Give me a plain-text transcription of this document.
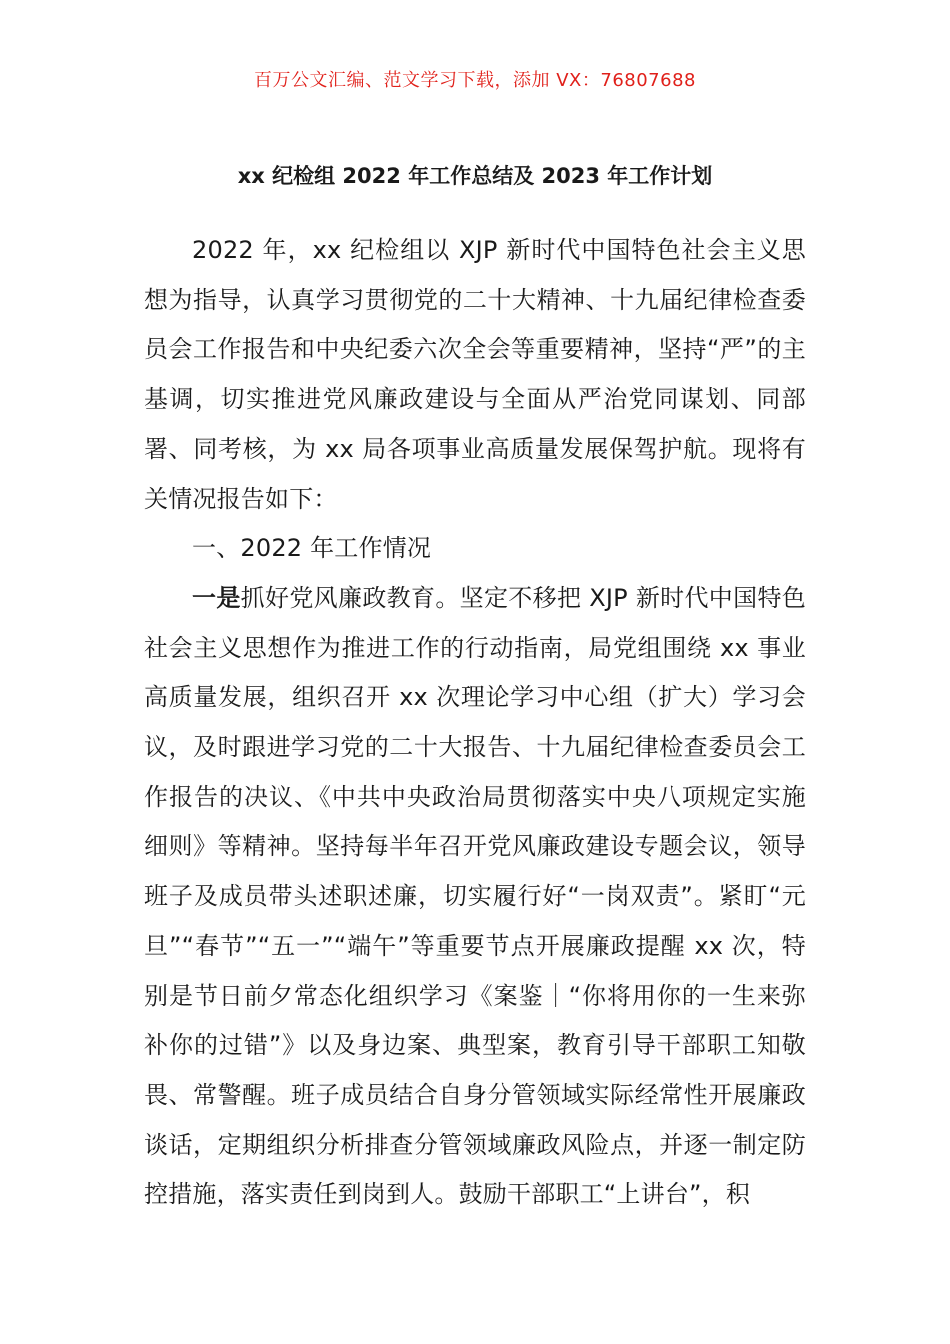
百万公文汇编、范文学习下载，添加 VX：76807688
xx 纪检组 2022 年工作总结及 2023 年工作计划

2022 年，xx 纪检组以 XJP 新时代中国特色社会主义思想为指导，认真学习贯彻党的二十大精神、十九届纪律检查委员会工作报告和中央纪委六次全会等重要精神，坚持“严”的主基调，切实推进党风廉政建设与全面从严治党同谋划、同部署、同考核，为 xx 局各项事业高质量发展保驾护航。现将有关情况报告如下：

一、2022 年工作情况

一是抓好党风廉政教育。坚定不移把 XJP 新时代中国特色社会主义思想作为推进工作的行动指南，局党组围绕 xx 事业高质量发展，组织召开 xx 次理论学习中心组（扩大）学习会议，及时跟进学习党的二十大报告、十九届纪律检查委员会工作报告的决议、《中共中央政治局贯彻落实中央八项规定实施细则》等精神。坚持每半年召开党风廉政建设专题会议，领导班子及成员带头述职述廉，切实履行好“一岗双责”。紧盯“元旦”“春节”“五一”“端午”等重要节点开展廉政提醒 xx 次，特别是节日前夕常态化组织学习《案鉴｜“你将用你的一生来弥补你的过错”》以及身边案、典型案，教育引导干部职工知敬畏、常警醒。班子成员结合自身分管领域实际经常性开展廉政谈话，定期组织分析排查分管领域廉政风险点，并逐一制定防控措施，落实责任到岗到人。鼓励干部职工“上讲台”，积
